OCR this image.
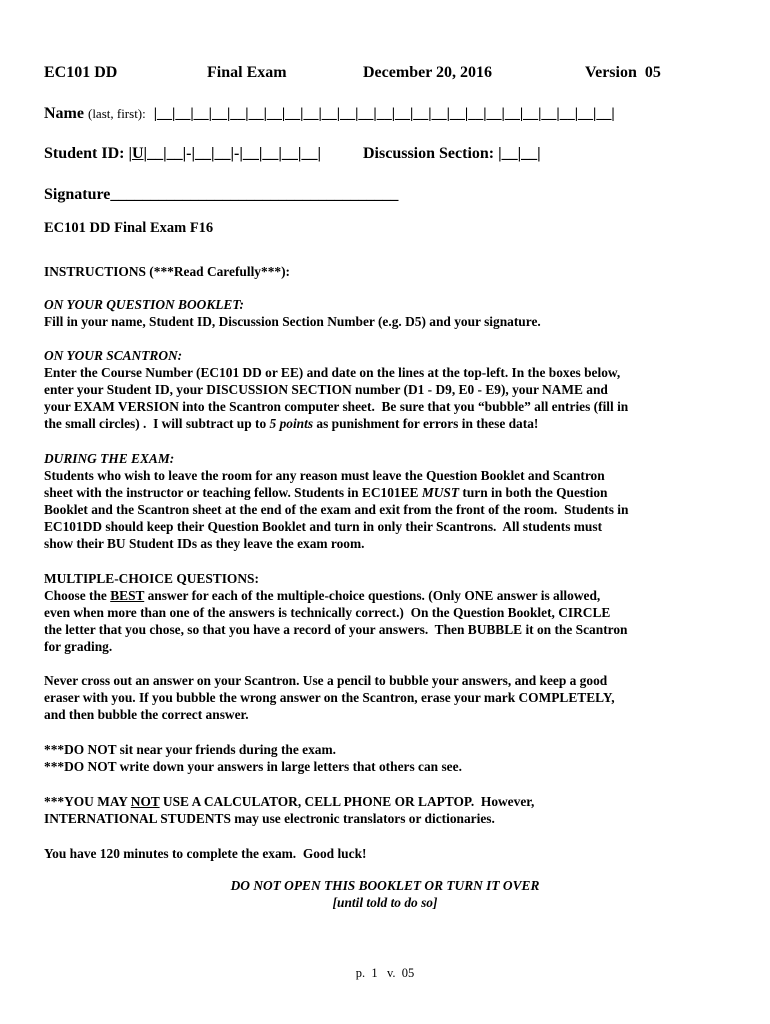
EC101 DD	Final Exam	December 20, 2016	Version  05
Name (last, first): |__|__|__|__|__|__|__|__|__|__|__|__|__|__|__|__|__|__|__|__|__|__|__|__|__|
Student ID: |U|__|__|-|__|__|-|__|__|__|__|	Discussion Section: |__|__|
Signature____________________________________
EC101 DD Final Exam F16
INSTRUCTIONS (***Read Carefully***):
ON YOUR QUESTION BOOKLET:
Fill in your name, Student ID, Discussion Section Number (e.g. D5) and your signature.
ON YOUR SCANTRON:
Enter the Course Number (EC101 DD or EE) and date on the lines at the top-left. In the boxes below,
enter your Student ID, your DISCUSSION SECTION number (D1 - D9, E0 - E9), your NAME and
your EXAM VERSION into the Scantron computer sheet.  Be sure that you “bubble” all entries (fill in
the small circles) .  I will subtract up to 5 points as punishment for errors in these data!
DURING THE EXAM:
Students who wish to leave the room for any reason must leave the Question Booklet and Scantron
sheet with the instructor or teaching fellow. Students in EC101EE MUST turn in both the Question
Booklet and the Scantron sheet at the end of the exam and exit from the front of the room.  Students in
EC101DD should keep their Question Booklet and turn in only their Scantrons.  All students must
show their BU Student IDs as they leave the exam room.
MULTIPLE-CHOICE QUESTIONS:
Choose the BEST answer for each of the multiple-choice questions. (Only ONE answer is allowed,
even when more than one of the answers is technically correct.)  On the Question Booklet, CIRCLE
the letter that you chose, so that you have a record of your answers.  Then BUBBLE it on the Scantron
for grading.
Never cross out an answer on your Scantron. Use a pencil to bubble your answers, and keep a good
eraser with you. If you bubble the wrong answer on the Scantron, erase your mark COMPLETELY,
and then bubble the correct answer.
***DO NOT sit near your friends during the exam.
***DO NOT write down your answers in large letters that others can see.
***YOU MAY NOT USE A CALCULATOR, CELL PHONE OR LAPTOP.  However,
INTERNATIONAL STUDENTS may use electronic translators or dictionaries.
You have 120 minutes to complete the exam.  Good luck!
DO NOT OPEN THIS BOOKLET OR TURN IT OVER
[until told to do so]
p.  1   v.  05
